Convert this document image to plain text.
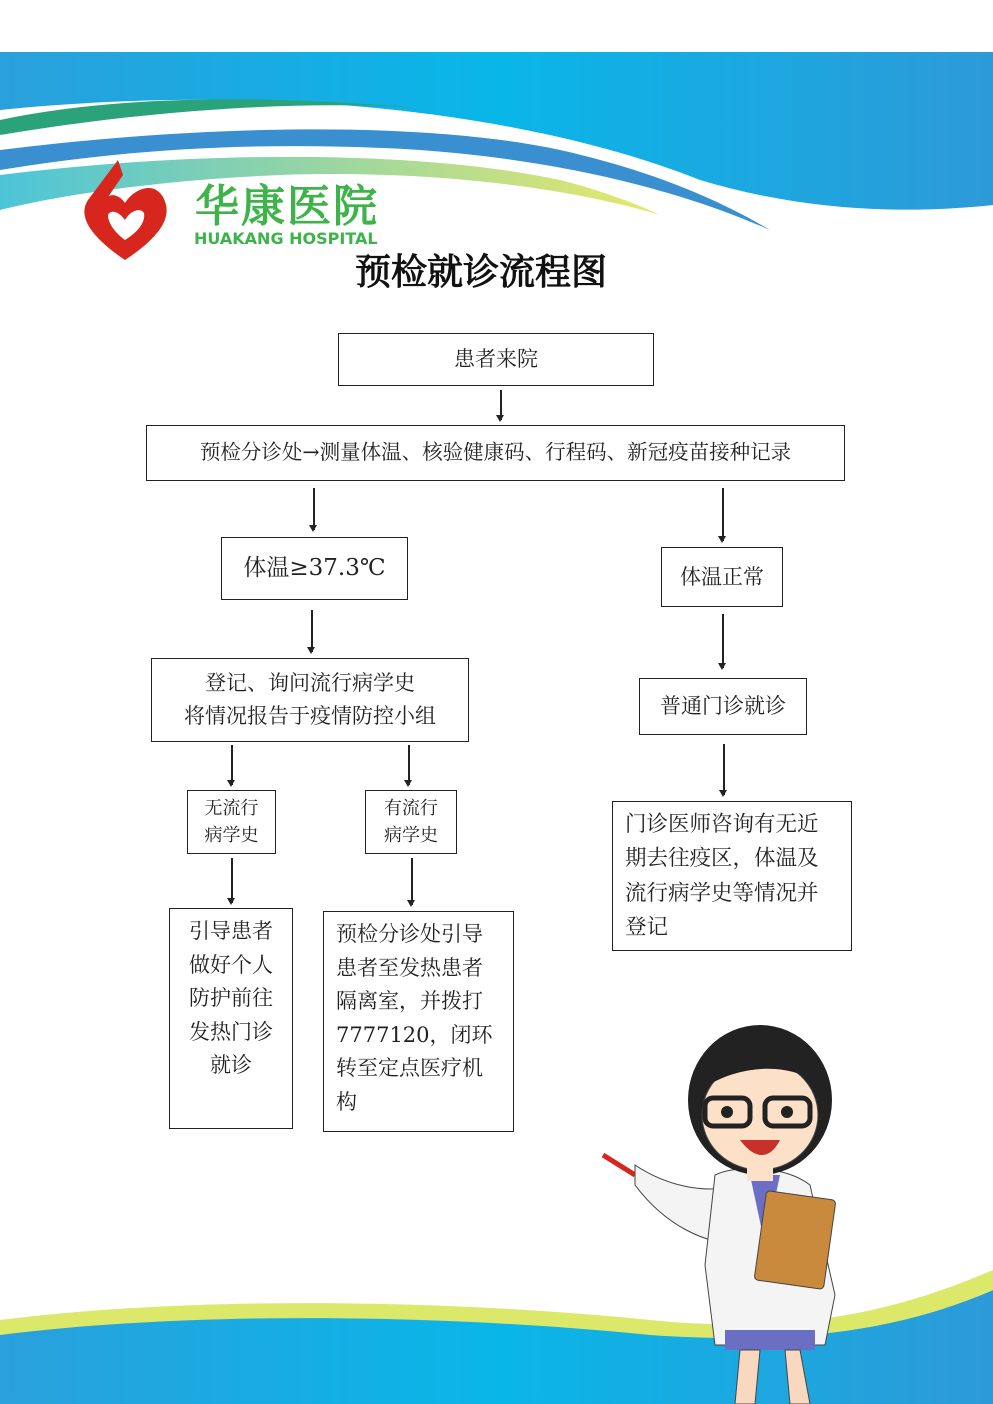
华康医院
HUAKANG HOSPITAL
预检就诊流程图
患者来院
预检分诊处→测量体温、核验健康码、行程码、新冠疫苗接种记录
体温≥37.3℃	体温正常
登记、询问流行病学史
将情况报告于疫情防控小组	普通门诊就诊
无流行
病学史
有流行
病学史
引导患者
做好个人
防护前往
发热门诊
就诊
预检分诊处引导
患者至发热患者
隔离室，并拨打
7777120，闭环
转至定点医疗机
构
门诊医师咨询有无近
期去往疫区，体温及
流行病学史等情况并
登记
